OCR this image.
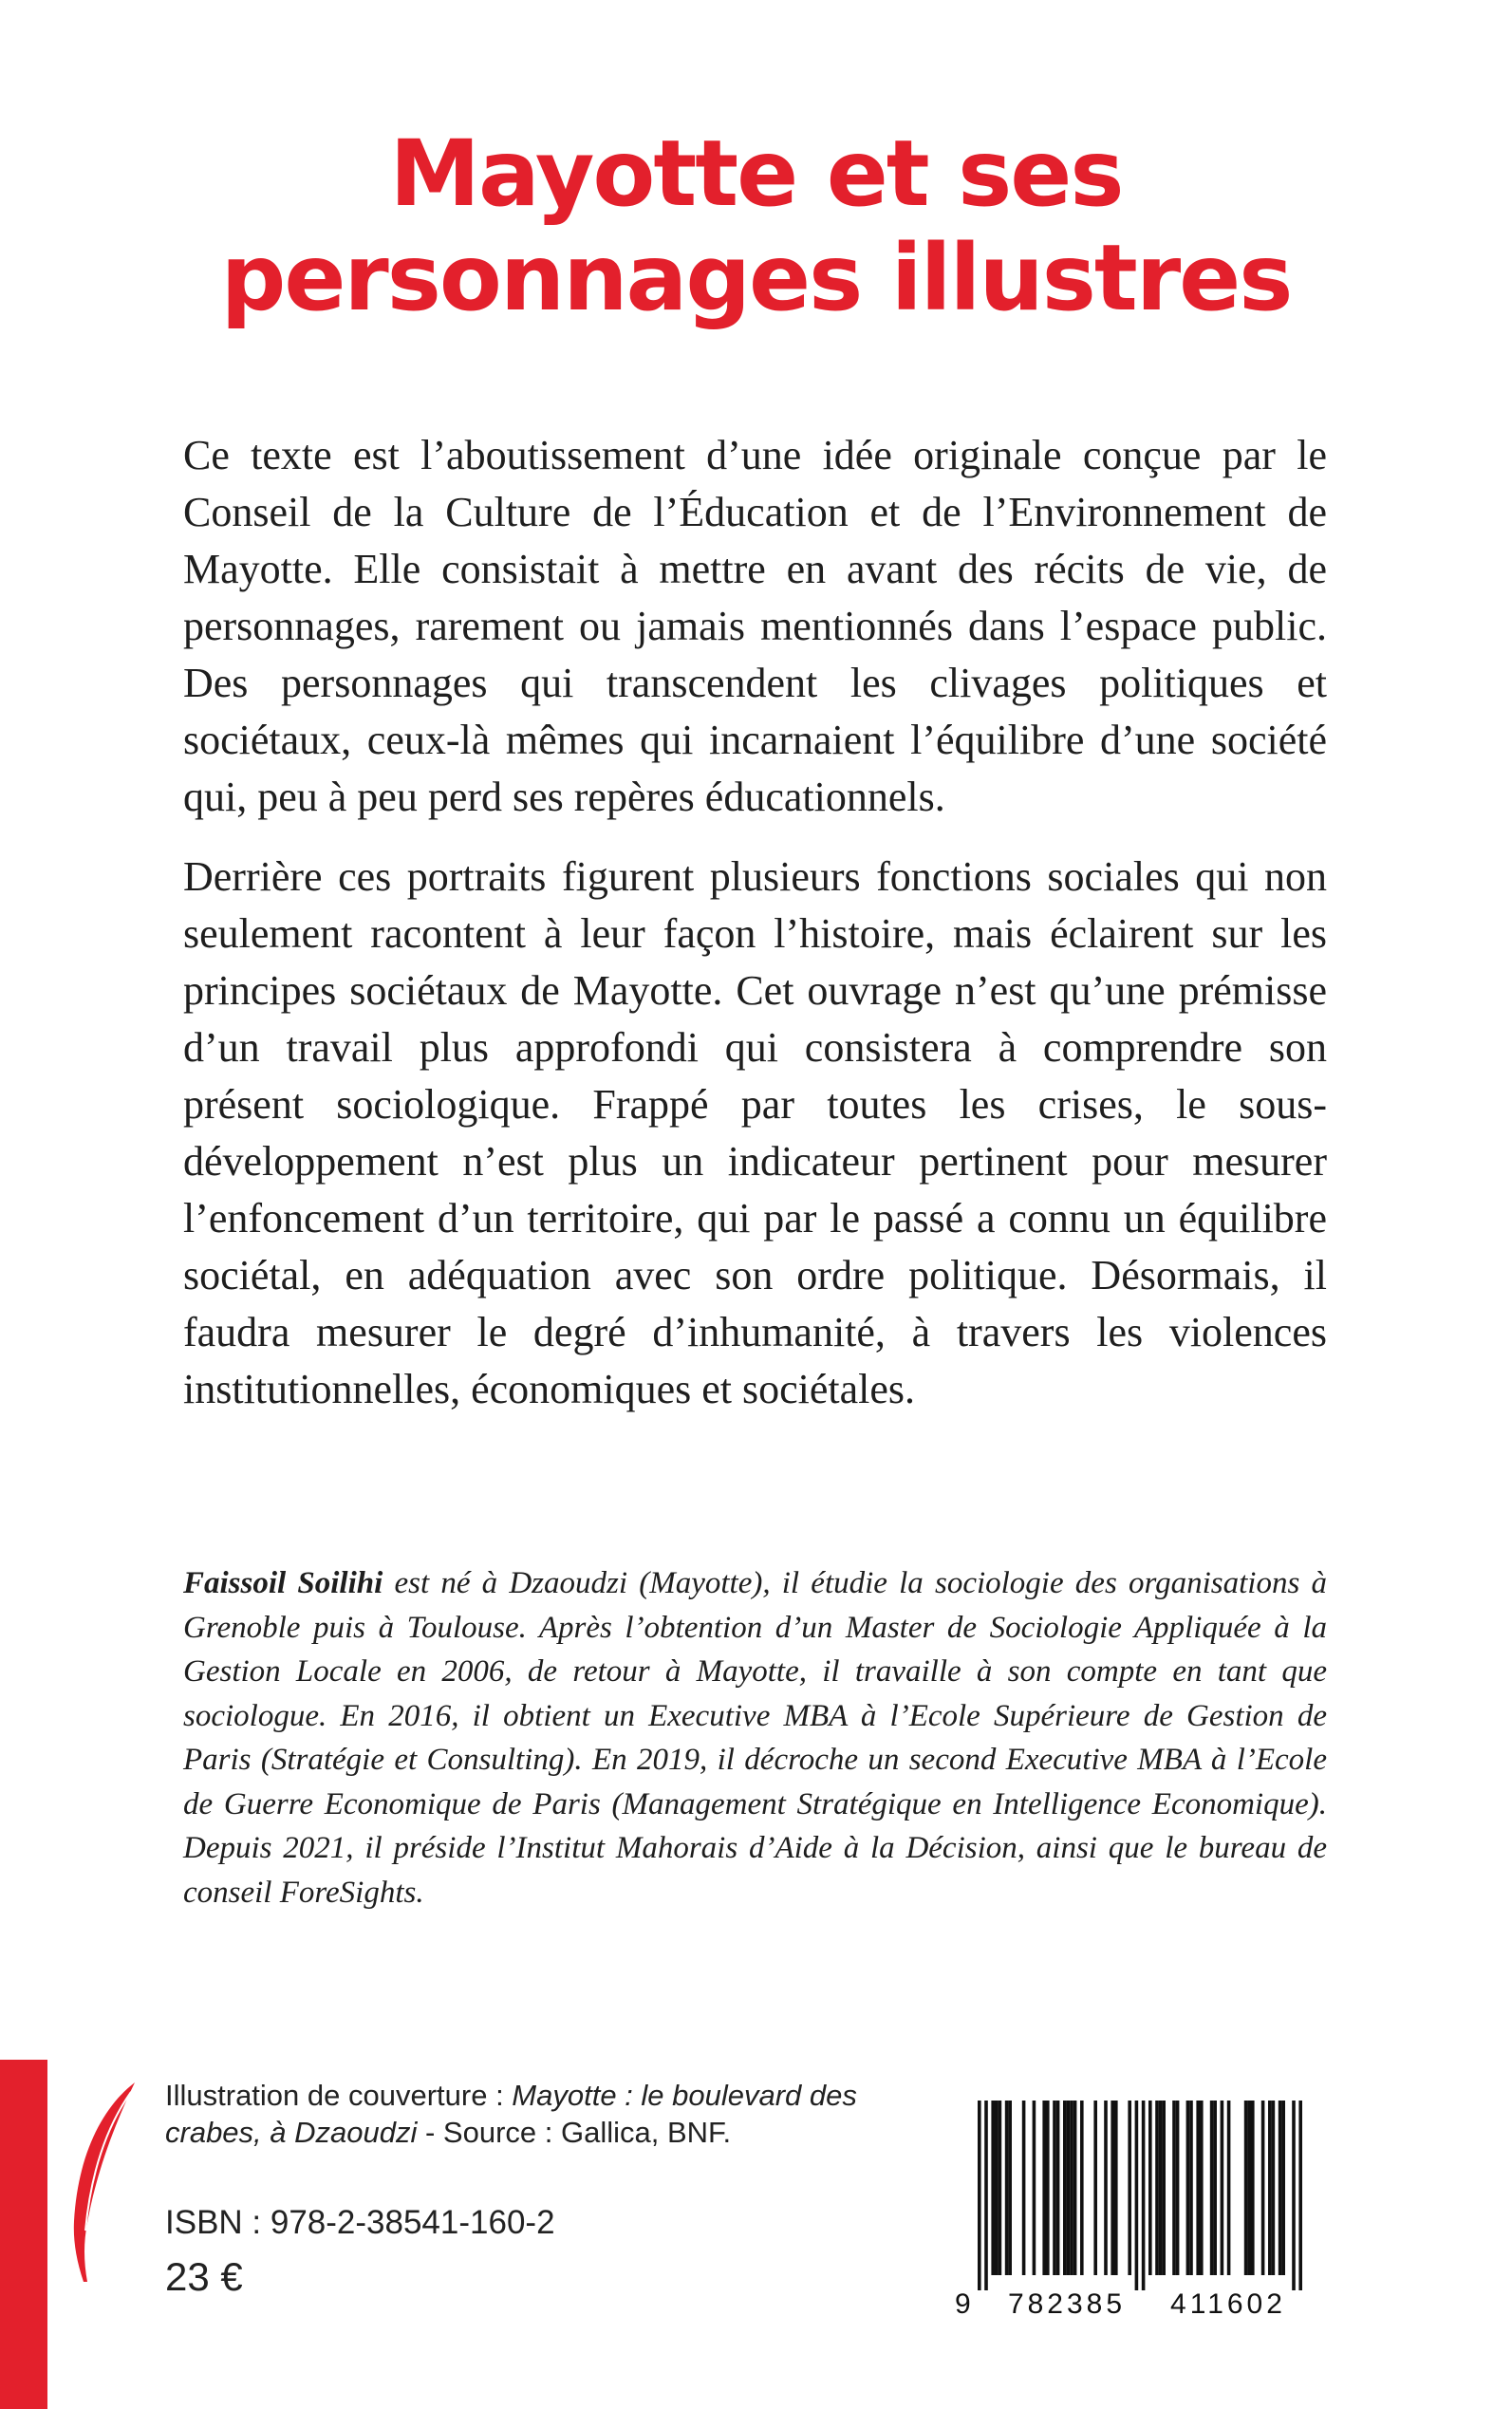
Mayotte et ses
personnages illustres

Ce texte est l’aboutissement d’une idée originale conçue par le Conseil de la Culture de l’Éducation et de l’Environnement de Mayotte. Elle consistait à mettre en avant des récits de vie, de personnages, rarement ou jamais mentionnés dans l’espace public. Des personnages qui transcendent les clivages politiques et sociétaux, ceux-là mêmes qui incarnaient l’équilibre d’une société qui, peu à peu perd ses repères éducationnels.

Derrière ces portraits figurent plusieurs fonctions sociales qui non seulement racontent à leur façon l’histoire, mais éclairent sur les principes sociétaux de Mayotte. Cet ouvrage n’est qu’une prémisse d’un travail plus approfondi qui consistera à comprendre son présent sociologique. Frappé par toutes les crises, le sous-développement n’est plus un indicateur pertinent pour mesurer l’enfoncement d’un territoire, qui par le passé a connu un équilibre sociétal, en adéquation avec son ordre politique. Désormais, il faudra mesurer le degré d’inhumanité, à travers les violences institutionnelles, économiques et sociétales.

Faissoil Soilihi est né à Dzaoudzi (Mayotte), il étudie la sociologie des organisations à Grenoble puis à Toulouse. Après l’obtention d’un Master de Sociologie Appliquée à la Gestion Locale en 2006, de retour à Mayotte, il travaille à son compte en tant que sociologue. En 2016, il obtient un Executive MBA à l’Ecole Supérieure de Gestion de Paris (Stratégie et Consulting). En 2019, il décroche un second Executive MBA à l’Ecole de Guerre Economique de Paris (Management Stratégique en Intelligence Economique). Depuis 2021, il préside l’Institut Mahorais d’Aide à la Décision, ainsi que le bureau de conseil ForeSights.

Illustration de couverture : Mayotte : le boulevard des crabes, à Dzaoudzi - Source : Gallica, BNF.
ISBN : 978-2-38541-160-2
23 €
9 782385 411602
